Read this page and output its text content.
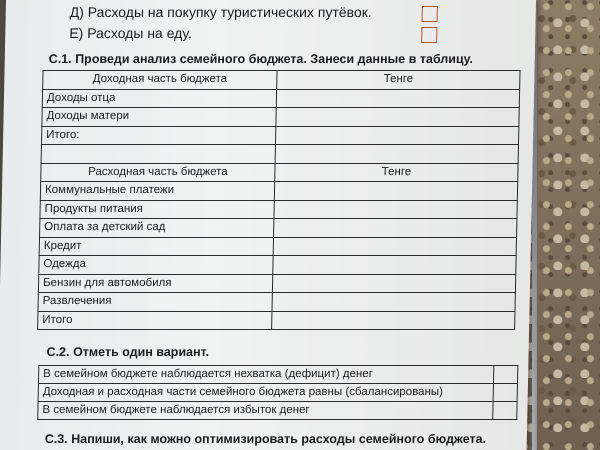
Д) Расходы на покупку туристических путёвок.
Е) Расходы на еду.
С.1. Проведи анализ семейного бюджета. Занеси данные в таблицу.
Доходная часть бюджета	Тенге
Доходы отца	
Доходы матери	
Итого:	

Расходная часть бюджета	Тенге
Коммунальные платежи	
Продукты питания	
Оплата за детский сад	
Кредит	
Одежда	
Бензин для автомобиля	
Развлечения	
Итого	
С.2. Отметь один вариант.
В семейном бюджете наблюдается нехватка (дефицит) денег	
Доходная и расходная части семейного бюджета равны (сбалансированы)	
В семейном бюджете наблюдается избыток денег	
С.3. Напиши, как можно оптимизировать расходы семейного бюджета.
